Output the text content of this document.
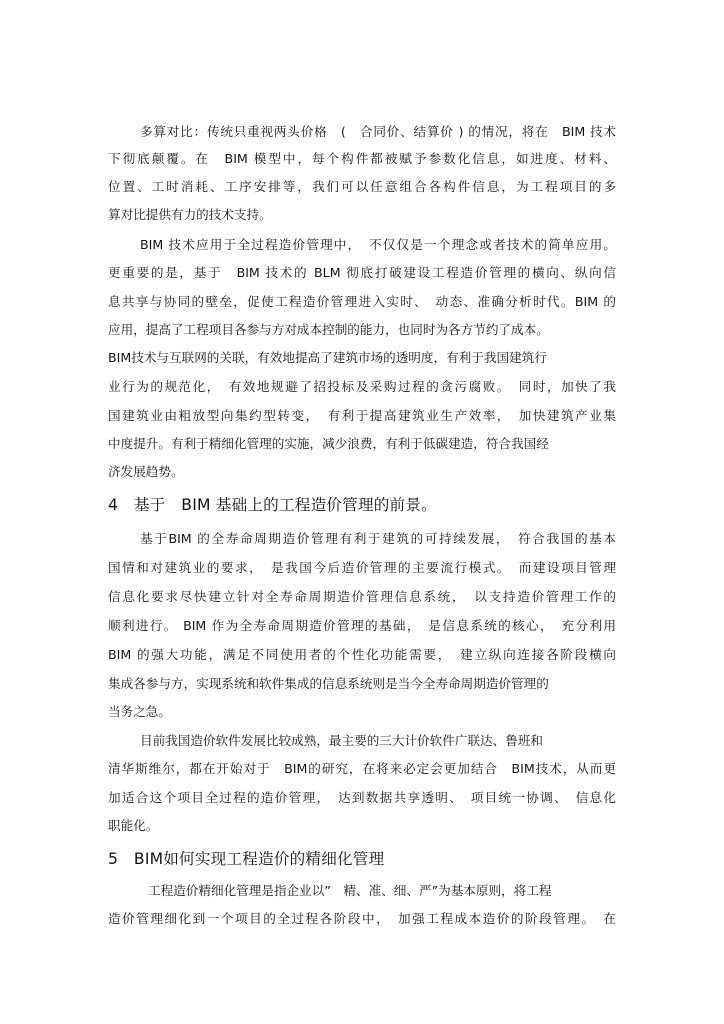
多算对比：传统只重视两头价格　(　合同价、结算价 ) 的情况，将在　BIM 技术
下彻底颠覆。在　BIM 模型中，每个构件都被赋予参数化信息，如进度、材料、
位置、工时消耗、工序安排等，我们可以任意组合各构件信息，为工程项目的多
算对比提供有力的技术支持。
BIM 技术应用于全过程造价管理中，　不仅仅是一个理念或者技术的简单应用。
更重要的是，基于　BIM 技术的 BLM 彻底打破建设工程造价管理的横向、纵向信
息共享与协同的壁垒，促使工程造价管理进入实时、　动态、准确分析时代。BIM 的
应用，提高了工程项目各参与方对成本控制的能力，也同时为各方节约了成本。
BIM技术与互联网的关联，有效地提高了建筑市场的透明度，有利于我国建筑行
业行为的规范化，　有效地规避了招投标及采购过程的贪污腐败。　同时，加快了我
国建筑业由粗放型向集约型转变，　有利于提高建筑业生产效率，　加快建筑产业集
中度提升。有利于精细化管理的实施，减少浪费，有利于低碳建造，符合我国经
济发展趋势。
4　基于　BIM 基础上的工程造价管理的前景。
基于BIM 的全寿命周期造价管理有利于建筑的可持续发展，　符合我国的基本
国情和对建筑业的要求，　是我国今后造价管理的主要流行模式。　而建设项目管理
信息化要求尽快建立针对全寿命周期造价管理信息系统，　以支持造价管理工作的
顺利进行。 BIM 作为全寿命周期造价管理的基础，　是信息系统的核心，　充分利用
BIM 的强大功能，满足不同使用者的个性化功能需要，　建立纵向连接各阶段横向
集成各参与方，实现系统和软件集成的信息系统则是当今全寿命周期造价管理的
当务之急。
目前我国造价软件发展比较成熟，最主要的三大计价软件广联达、鲁班和
清华斯维尔，都在开始对于　BIM的研究，在将来必定会更加结合　BIM技术，从而更
加适合这个项目全过程的造价管理，　达到数据共享透明、　项目统一协调、　信息化
职能化。
5　BIM如何实现工程造价的精细化管理
工程造价精细化管理是指企业以”　精、准、细、严”为基本原则，将工程
造价管理细化到一个项目的全过程各阶段中，　加强工程成本造价的阶段管理。　在
